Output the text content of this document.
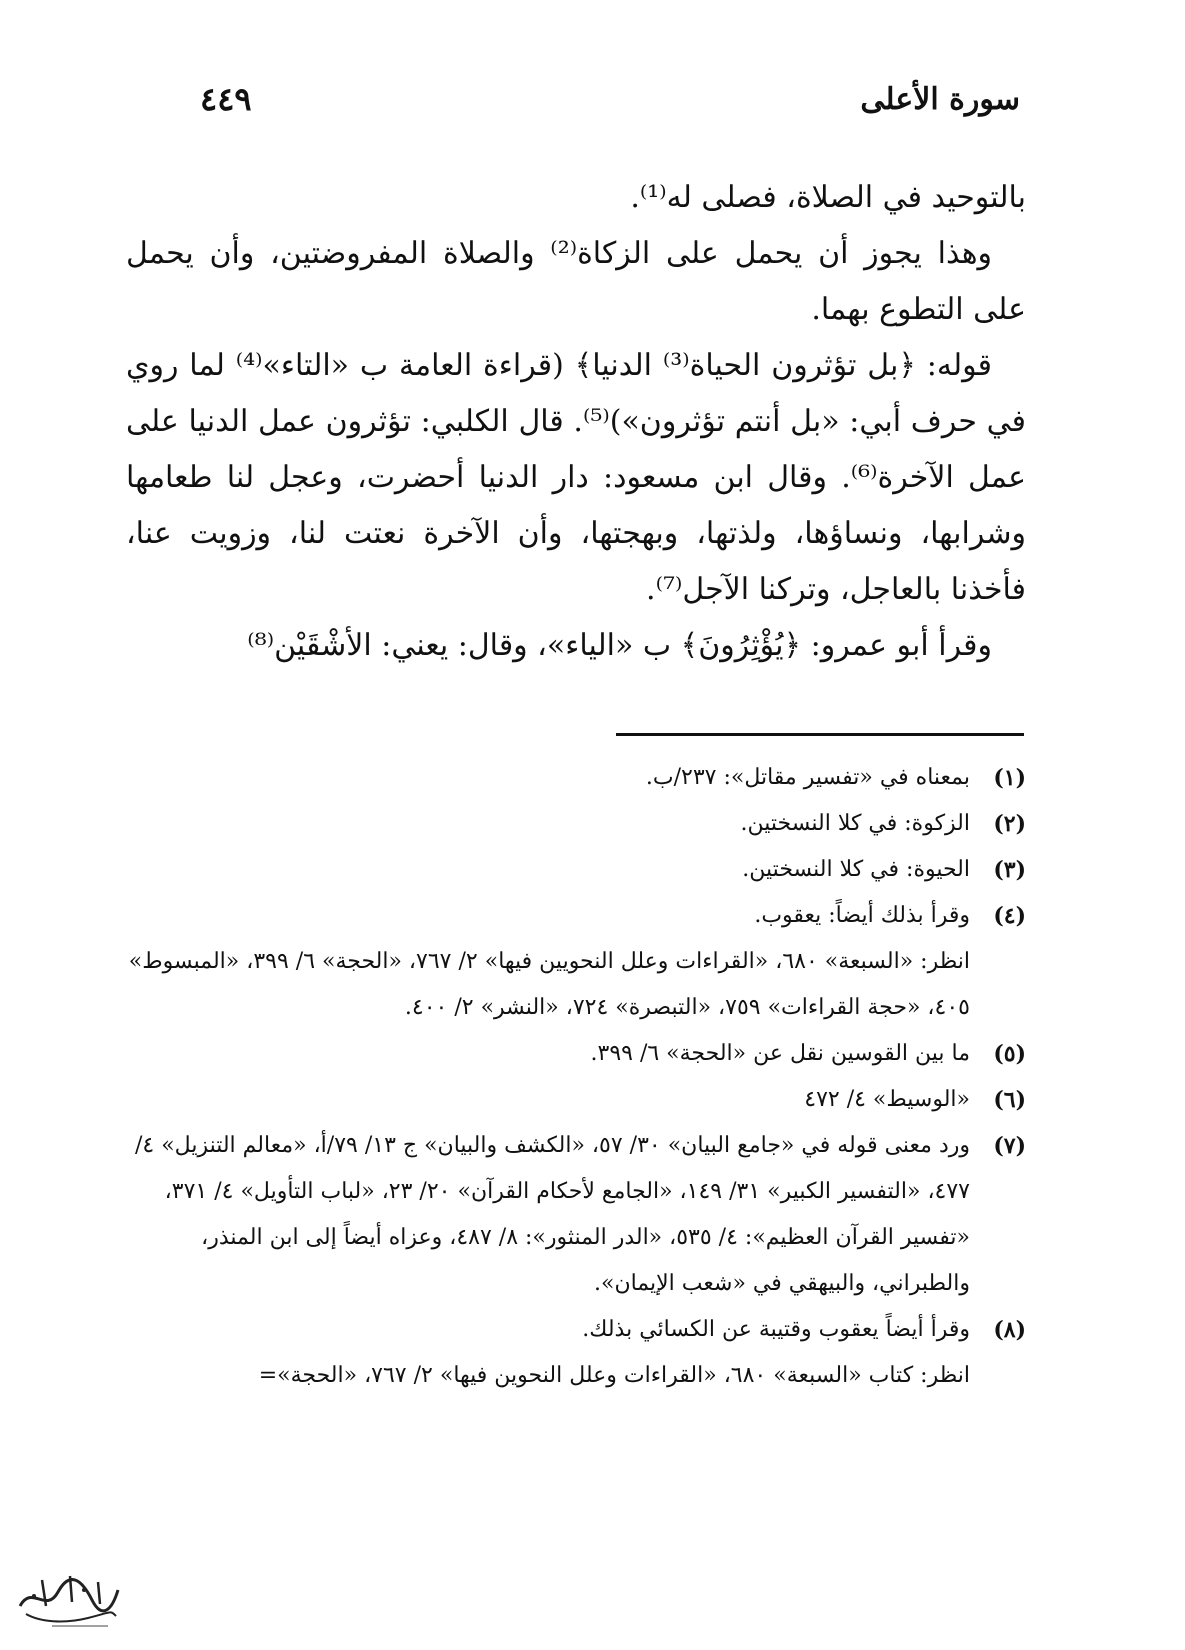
سورة الأعلى
٤٤٩

بالتوحيد في الصلاة، فصلى له⁽¹⁾.

وهذا يجوز أن يحمل على الزكاة⁽²⁾ والصلاة المفروضتين، وأن يحمل على التطوع بهما.

قوله: ﴿بل تؤثرون الحياة⁽³⁾ الدنيا﴾ (قراءة العامة ب «التاء»⁽⁴⁾ لما روي في حرف أبي: «بل أنتم تؤثرون»)⁽⁵⁾. قال الكلبي: تؤثرون عمل الدنيا على عمل الآخرة⁽⁶⁾. وقال ابن مسعود: دار الدنيا أحضرت، وعجل لنا طعامها وشرابها، ونساؤها، ولذتها، وبهجتها، وأن الآخرة نعتت لنا، وزويت عنا، فأخذنا بالعاجل، وتركنا الآجل⁽⁷⁾.

وقرأ أبو عمرو: ﴿يُؤْثِرُونَ﴾ ب «الياء»، وقال: يعني: الأشْقَيْن⁽⁸⁾

(١)
بمعناه في «تفسير مقاتل»: ٢٣٧/ب.
(٢)
الزكوة: في كلا النسختين.
(٣)
الحيوة: في كلا النسختين.
(٤)
وقرأ بذلك أيضاً: يعقوب.
انظر: «السبعة» ٦٨٠، «القراءات وعلل النحويين فيها» ٢/ ٧٦٧، «الحجة» ٦/ ٣٩٩، «المبسوط» ٤٠٥، «حجة القراءات» ٧٥٩، «التبصرة» ٧٢٤، «النشر» ٢/ ٤٠٠.
(٥)
ما بين القوسين نقل عن «الحجة» ٦/ ٣٩٩.
(٦)
«الوسيط» ٤/ ٤٧٢
(٧)
ورد معنى قوله في «جامع البيان» ٣٠/ ٥٧، «الكشف والبيان» ج ١٣/ ٧٩/أ، «معالم التنزيل» ٤/ ٤٧٧، «التفسير الكبير» ٣١/ ١٤٩، «الجامع لأحكام القرآن» ٢٠/ ٢٣، «لباب التأويل» ٤/ ٣٧١،
«تفسير القرآن العظيم»: ٤/ ٥٣٥، «الدر المنثور»: ٨/ ٤٨٧، وعزاه أيضاً إلى ابن المنذر، والطبراني، والبيهقي في «شعب الإيمان».
(٨)
وقرأ أيضاً يعقوب وقتيبة عن الكسائي بذلك.
انظر: كتاب «السبعة» ٦٨٠، «القراءات وعلل النحوين فيها» ٢/ ٧٦٧، «الحجة»=
